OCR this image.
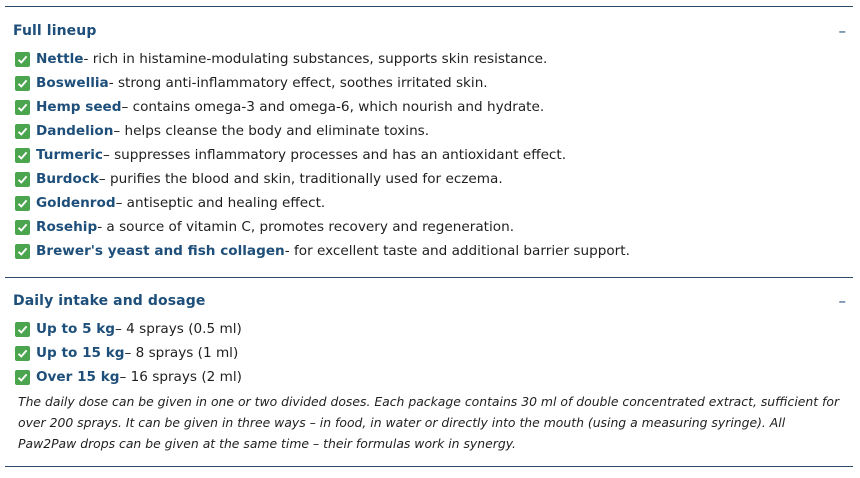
Full lineup	–
Nettle - rich in histamine-modulating substances, supports skin resistance.
Boswellia - strong anti-inflammatory effect, soothes irritated skin.
Hemp seed – contains omega-3 and omega-6, which nourish and hydrate.
Dandelion – helps cleanse the body and eliminate toxins.
Turmeric – suppresses inflammatory processes and has an antioxidant effect.
Burdock – purifies the blood and skin, traditionally used for eczema.
Goldenrod – antiseptic and healing effect.
Rosehip - a source of vitamin C, promotes recovery and regeneration.
Brewer's yeast and fish collagen - for excellent taste and additional barrier support.
Daily intake and dosage	–
Up to 5 kg – 4 sprays (0.5 ml)
Up to 15 kg – 8 sprays (1 ml)
Over 15 kg – 16 sprays (2 ml)

The daily dose can be given in one or two divided doses. Each package contains 30 ml of double concentrated extract, sufficient for over 200 sprays. It can be given in three ways – in food, in water or directly into the mouth (using a measuring syringe). All Paw2Paw drops can be given at the same time – their formulas work in synergy.
